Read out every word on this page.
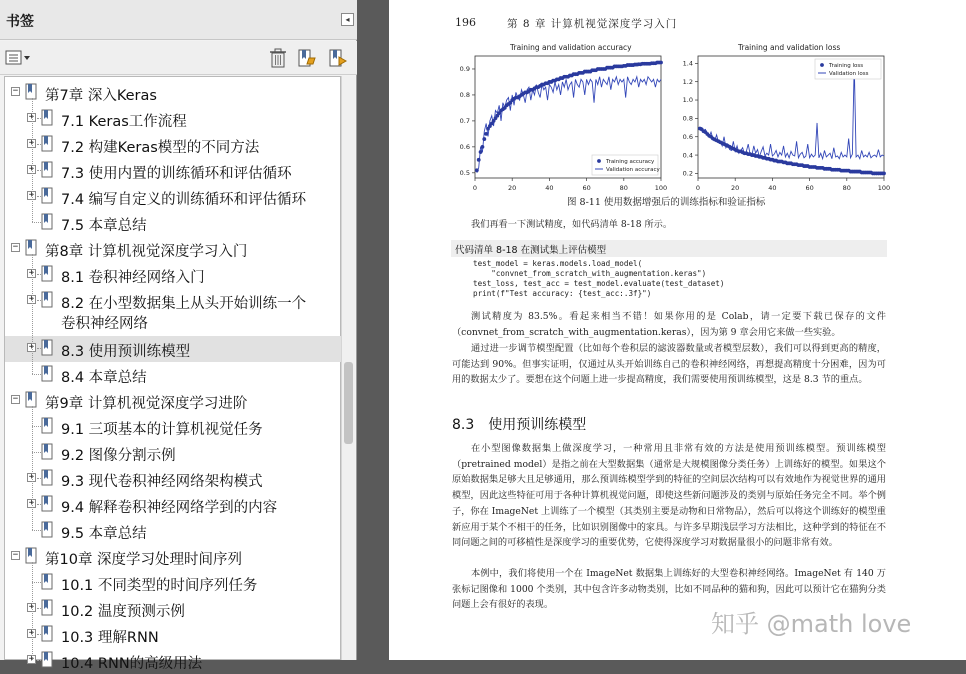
书签	◂
− 第7章 深入Keras
+ 7.1 Keras工作流程
+ 7.2 构建Keras模型的不同方法
+ 7.3 使用内置的训练循环和评估循环
+ 7.4 编写自定义的训练循环和评估循环
7.5 本章总结
− 第8章 计算机视觉深度学习入门
+ 8.1 卷积神经网络入门
+ 8.2 在小型数据集上从头开始训练一个
卷积神经网络
+ 8.3 使用预训练模型
8.4 本章总结
− 第9章 计算机视觉深度学习进阶
9.1 三项基本的计算机视觉任务
9.2 图像分割示例
+ 9.3 现代卷积神经网络架构模式
+ 9.4 解释卷积神经网络学到的内容
9.5 本章总结
− 第10章 深度学习处理时间序列
10.1 不同类型的时间序列任务
+ 10.2 温度预测示例
+ 10.3 理解RNN
+ 10.4 RNN的高级用法
196	第 8 章 计算机视觉深度学习入门
Training and validation accuracy	Training and validation loss
0	20	40	60	80	100
0.5
0.6
0.7
0.8
0.9
Training accuracy
Validation accuracy
0	20	40	60	80	100
0.2
0.4
0.6
0.8
1.0
1.2
1.4	Training loss
Validation loss
图 8-11 使用数据增强后的训练指标和验证指标
我们再看一下测试精度，如代码清单 8-18 所示。
代码清单 8-18 在测试集上评估模型
test_model = keras.models.load_model(
"convnet_from_scratch_with_augmentation.keras")
test_loss, test_acc = test_model.evaluate(test_dataset)
print(f"Test accuracy: {test_acc:.3f}")
测试精度为 83.5%。看起来相当不错！如果你用的是 Colab，请一定要下载已保存的文件（convnet_from_scratch_with_augmentation.keras），因为第 9 章会用它来做一些实验。
通过进一步调节模型配置（比如每个卷积层的滤波器数量或者模型层数），我们可以得到更高的精度，可能达到 90%。但事实证明，仅通过从头开始训练自己的卷积神经网络，再想提高精度十分困难，因为可用的数据太少了。要想在这个问题上进一步提高精度，我们需要使用预训练模型，这是 8.3 节的重点。
8.3 使用预训练模型
在小型图像数据集上做深度学习，一种常用且非常有效的方法是使用预训练模型。预训练模型（pretrained model）是指之前在大型数据集（通常是大规模图像分类任务）上训练好的模型。如果这个原始数据集足够大且足够通用，那么预训练模型学到的特征的空间层次结构可以有效地作为视觉世界的通用模型，因此这些特征可用于各种计算机视觉问题，即使这些新问题涉及的类别与原始任务完全不同。举个例子，你在 ImageNet 上训练了一个模型（其类别主要是动物和日常物品），然后可以将这个训练好的模型重新应用于某个不相干的任务，比如识别图像中的家具。与许多早期浅层学习方法相比，这种学到的特征在不同问题之间的可移植性是深度学习的重要优势，它使得深度学习对数据量很小的问题非常有效。
本例中，我们将使用一个在 ImageNet 数据集上训练好的大型卷积神经网络。ImageNet 有 140 万张标记图像和 1000 个类别，其中包含许多动物类别，比如不同品种的猫和狗，因此可以预计它在猫狗分类问题上会有很好的表现。
知乎 @math love
